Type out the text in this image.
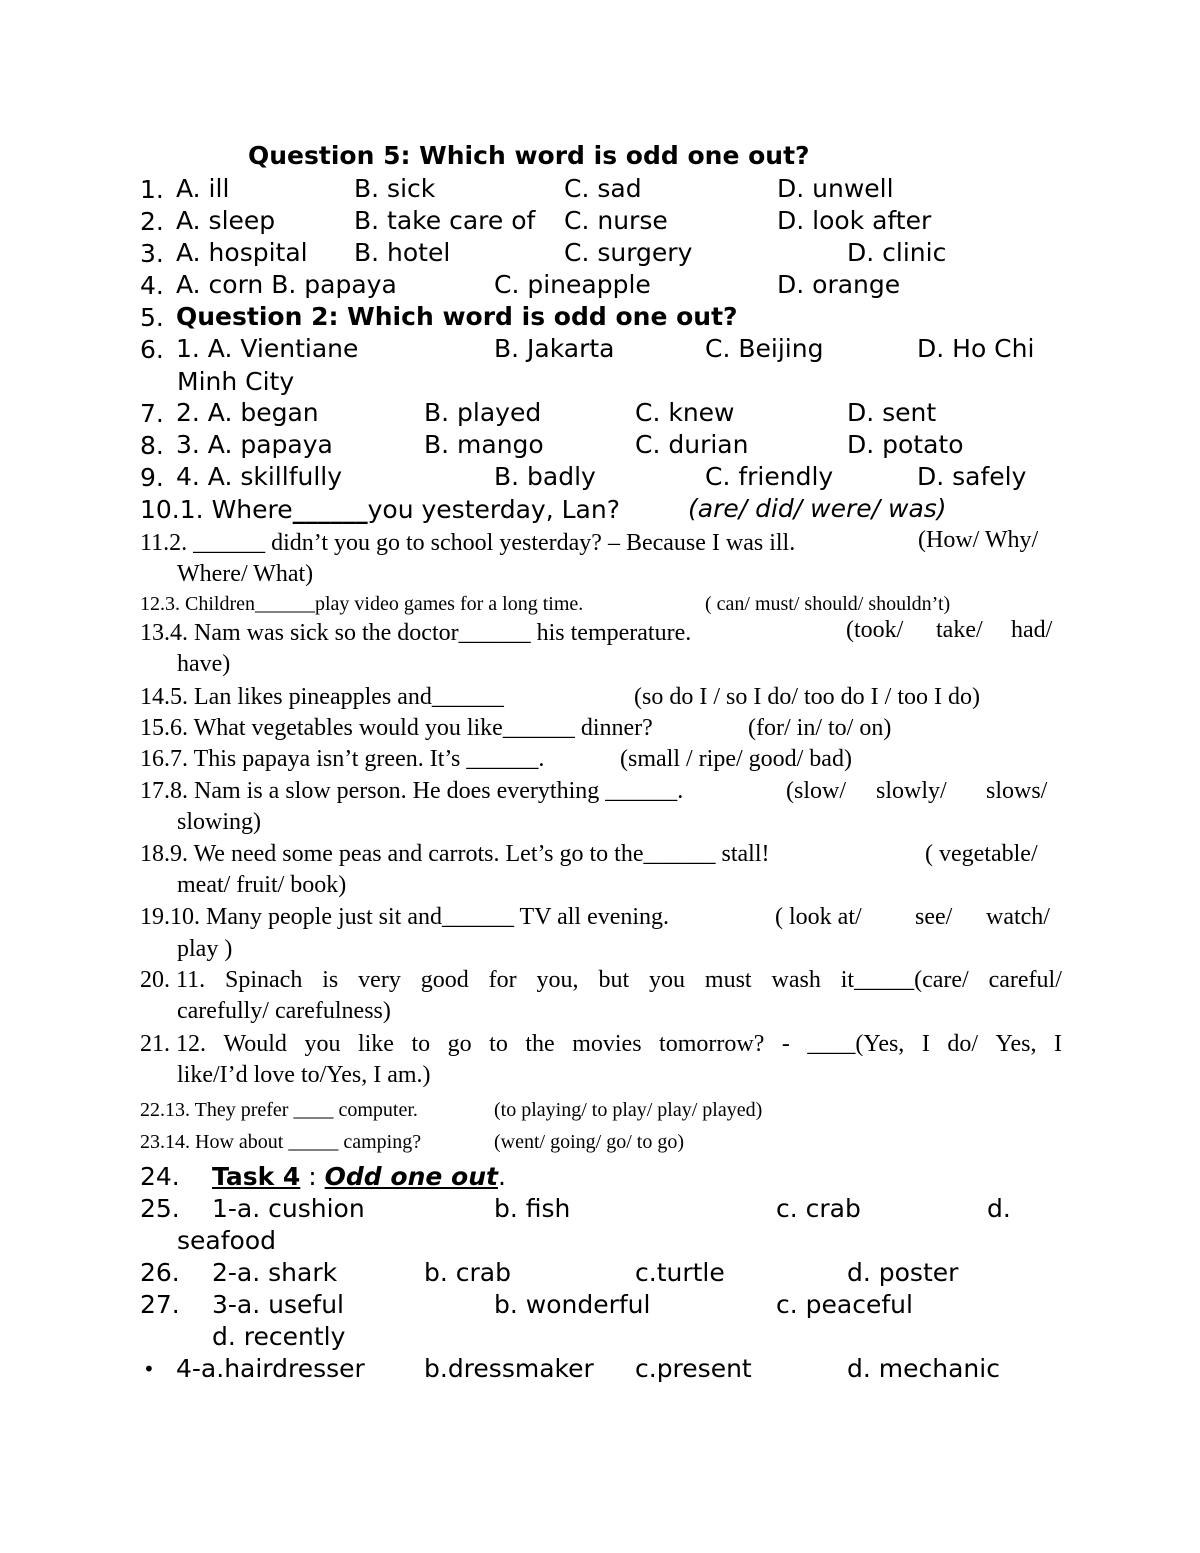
Question 5: Which word is odd one out?
1. A. ill	B. sick	C. sad	D. unwell
2. A. sleep	B. take care of C. nurse	D. look after
3. A. hospital B. hotel	C. surgery	D. clinic
4. A. corn B. papaya	C. pineapple	D. orange
5. Question 2: Which word is odd one out?
6. 1. A. Vientiane	B. Jakarta	C. Beijing	D. Ho Chi
Minh City
7. 2. A. began	B. played	C. knew	D. sent
8. 3. A. papaya	B. mango	C. durian	D. potato
9. 4. A. skillfully	B. badly	C. friendly	D. safely
10.1. Where______you yesterday, Lan?	(are/ did/ were/ was)
11.2. ______ didn’t you go to school yesterday? – Because I was ill.	(How/ Why/
Where/ What)
12.3. Children______play video games for a long time.	( can/ must/ should/ shouldn’t)
13.4. Nam was sick so the doctor______ his temperature.	(took/ take/ had/
have)
14.5. Lan likes pineapples and______	(so do I / so I do/ too do I / too I do)
15.6. What vegetables would you like______ dinner?	(for/ in/ to/ on)
16.7. This papaya isn’t green. It’s ______.	(small / ripe/ good/ bad)
17.8. Nam is a slow person. He does everything ______.	(slow/ slowly/ slows/
slowing)
18.9. We need some peas and carrots. Let’s go to the______ stall!	( vegetable/
meat/ fruit/ book)
19.10. Many people just sit and______ TV all evening.	( look at/ see/ watch/
play )
20. 11. Spinach is very good for you, but you must wash it_____(care/ careful/
carefully/ carefulness)
21. 12. Would you like to go to the movies tomorrow? - ____(Yes, I do/ Yes, I
like/I’d love to/Yes, I am.)
22.13. They prefer ____ computer.	(to playing/ to play/ play/ played)
23.14. How about _____ camping?	(went/ going/ go/ to go)
24. Task 4 : Odd one out.
25. 1-a. cushion	b. fish	c. crab	d.
seafood
26. 2-a. shark	b. crab	c.turtle	d. poster
27. 3-a. useful	b. wonderful	c. peaceful
d. recently
• 4-a.hairdresser b.dressmaker c.present	d. mechanic
